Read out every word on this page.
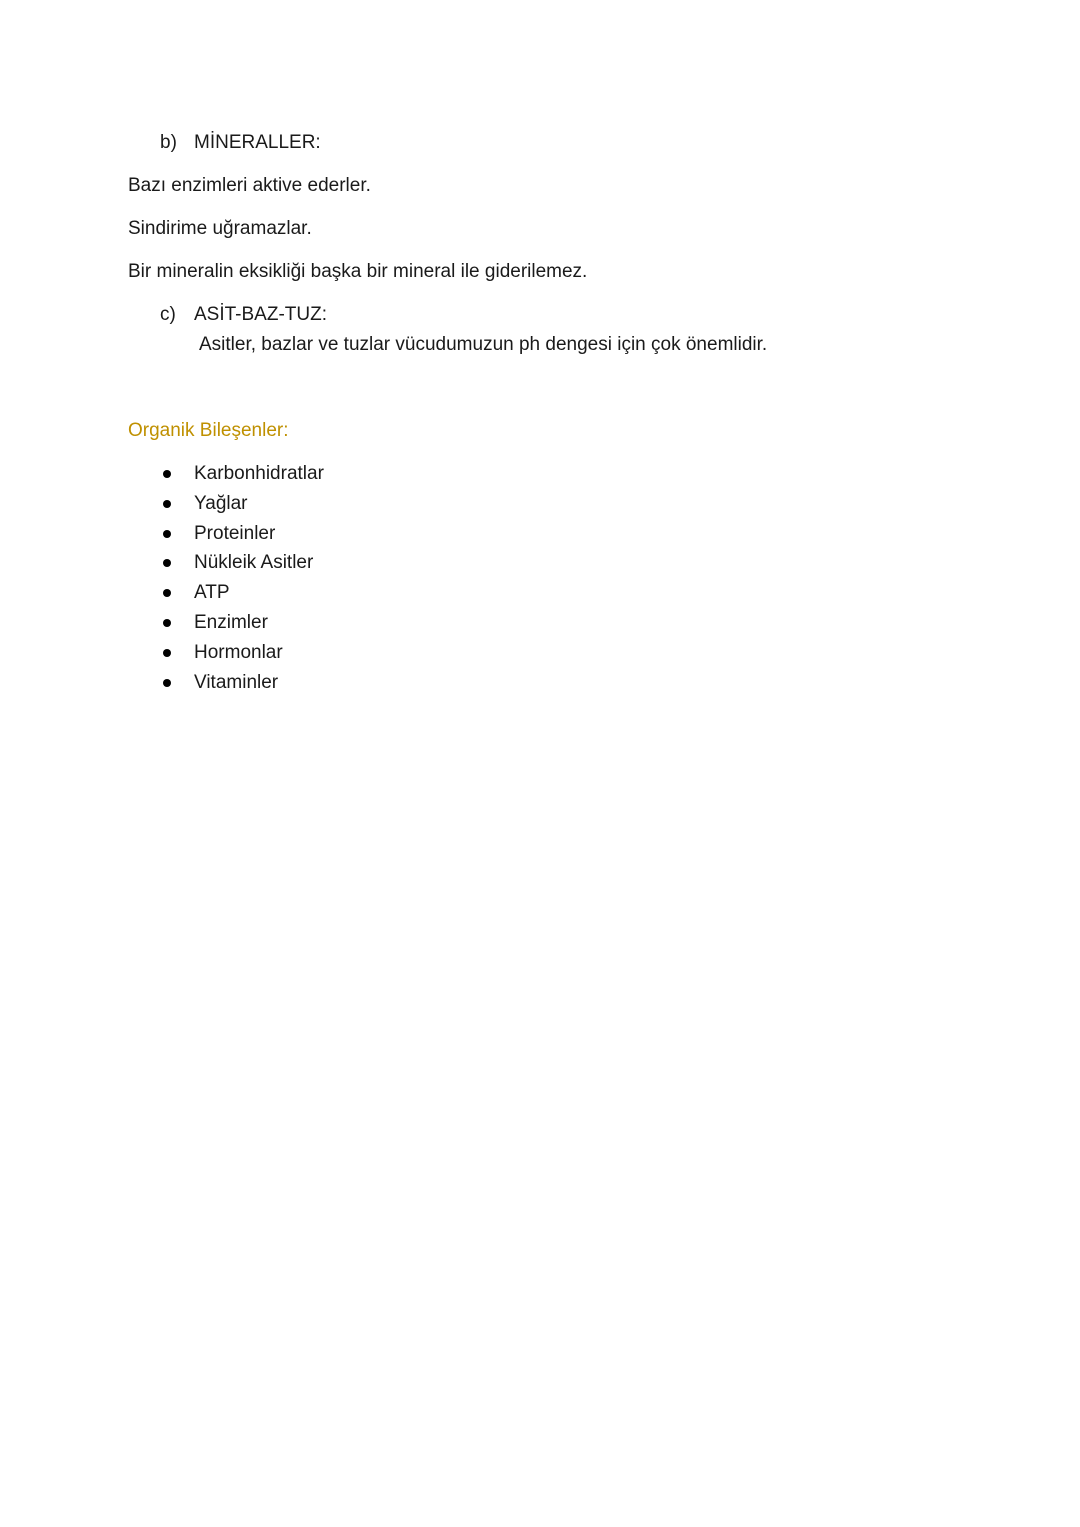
b) MİNERALLER:

Bazı enzimleri aktive ederler.

Sindirime uğramazlar.

Bir mineralin eksikliği başka bir mineral ile giderilemez.

c) ASİT-BAZ-TUZ:

Asitler, bazlar ve tuzlar vücudumuzun ph dengesi için çok önemlidir.

Organik Bileşenler:
Karbonhidratlar
Yağlar
Proteinler
Nükleik Asitler
ATP
Enzimler
Hormonlar
Vitaminler
